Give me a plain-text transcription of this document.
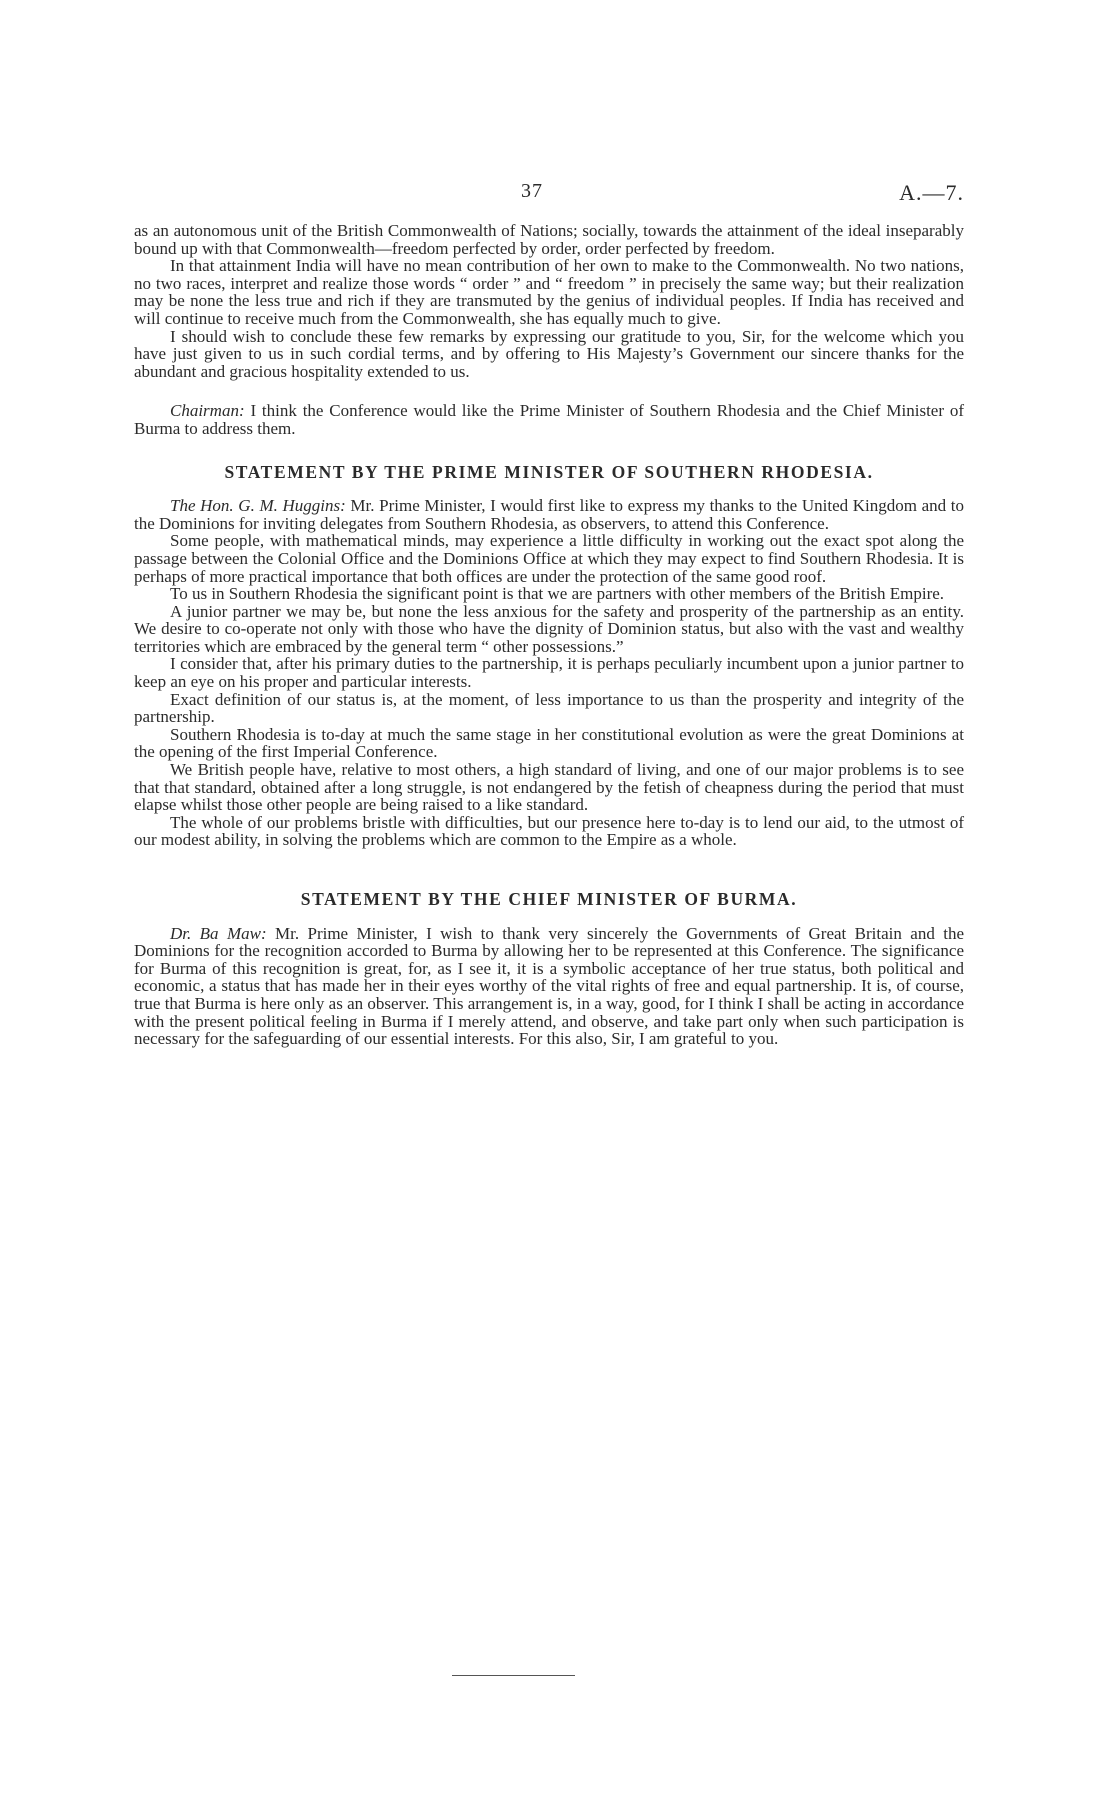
37	A.—7.

as an autonomous unit of the British Commonwealth of Nations; socially, towards the attainment of the ideal inseparably bound up with that Commonwealth—freedom perfected by order, order perfected by freedom.

In that attainment India will have no mean contribution of her own to make to the Commonwealth. No two nations, no two races, interpret and realize those words “ order ” and “ freedom ” in precisely the same way; but their realization may be none the less true and rich if they are transmuted by the genius of individual peoples. If India has received and will continue to receive much from the Commonwealth, she has equally much to give.

I should wish to conclude these few remarks by expressing our gratitude to you, Sir, for the welcome which you have just given to us in such cordial terms, and by offering to His Majesty’s Government our sincere thanks for the abundant and gracious hospitality extended to us.

Chairman: I think the Conference would like the Prime Minister of Southern Rhodesia and the Chief Minister of Burma to address them.

STATEMENT BY THE PRIME MINISTER OF SOUTHERN RHODESIA.

The Hon. G. M. Huggins: Mr. Prime Minister, I would first like to express my thanks to the United Kingdom and to the Dominions for inviting delegates from Southern Rhodesia, as observers, to attend this Conference.

Some people, with mathematical minds, may experience a little difficulty in working out the exact spot along the passage between the Colonial Office and the Dominions Office at which they may expect to find Southern Rhodesia. It is perhaps of more practical importance that both offices are under the protection of the same good roof.

To us in Southern Rhodesia the significant point is that we are partners with other members of the British Empire.

A junior partner we may be, but none the less anxious for the safety and prosperity of the partnership as an entity. We desire to co-operate not only with those who have the dignity of Dominion status, but also with the vast and wealthy territories which are embraced by the general term “ other possessions.”

I consider that, after his primary duties to the partnership, it is perhaps peculiarly incumbent upon a junior partner to keep an eye on his proper and particular interests.

Exact definition of our status is, at the moment, of less importance to us than the prosperity and integrity of the partnership.

Southern Rhodesia is to-day at much the same stage in her constitutional evolution as were the great Dominions at the opening of the first Imperial Conference.

We British people have, relative to most others, a high standard of living, and one of our major problems is to see that that standard, obtained after a long struggle, is not endangered by the fetish of cheapness during the period that must elapse whilst those other people are being raised to a like standard.

The whole of our problems bristle with difficulties, but our presence here to-day is to lend our aid, to the utmost of our modest ability, in solving the problems which are common to the Empire as a whole.

STATEMENT BY THE CHIEF MINISTER OF BURMA.

Dr. Ba Maw: Mr. Prime Minister, I wish to thank very sincerely the Governments of Great Britain and the Dominions for the recognition accorded to Burma by allowing her to be represented at this Conference. The significance for Burma of this recognition is great, for, as I see it, it is a symbolic acceptance of her true status, both political and economic, a status that has made her in their eyes worthy of the vital rights of free and equal partnership. It is, of course, true that Burma is here only as an observer. This arrangement is, in a way, good, for I think I shall be acting in accordance with the present political feeling in Burma if I merely attend, and observe, and take part only when such participation is necessary for the safeguarding of our essential interests. For this also, Sir, I am grateful to you.
